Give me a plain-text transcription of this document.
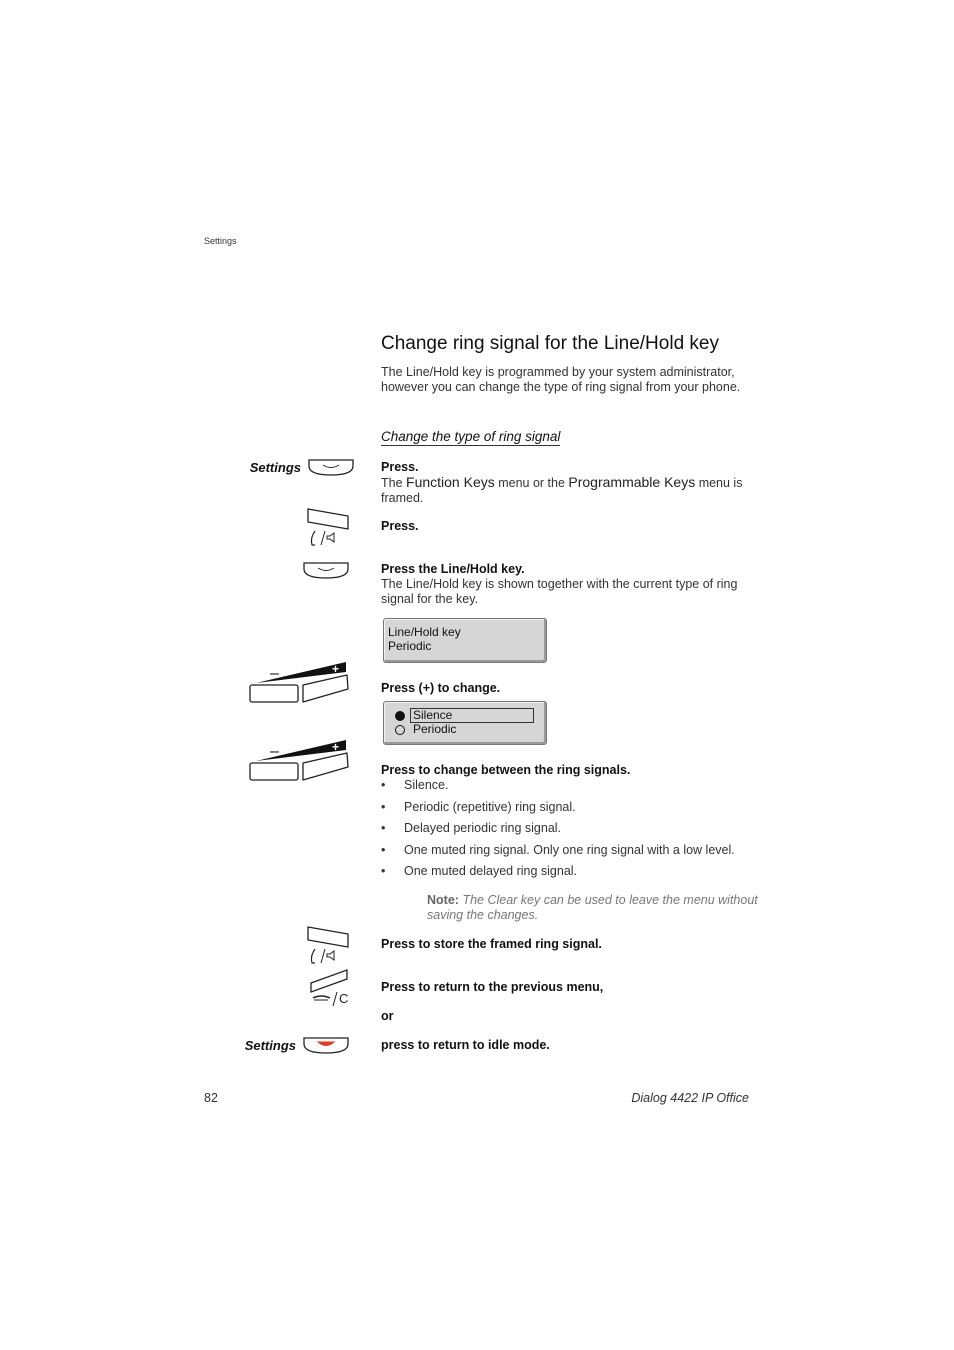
Settings
Change ring signal for the Line/Hold key
The Line/Hold key is programmed by your system administrator, however you can change the type of ring signal from your phone.
Change the type of ring signal
Settings	Press.
The Function Keys menu or the Programmable Keys menu is framed.
Press.
Press the Line/Hold key.
The Line/Hold key is shown together with the current type of ring signal for the key.
Line/Hold key
Periodic
–	+
Press (+) to change.
Silence
Periodic
–	+
Press to change between the ring signals.
• Silence.
• Periodic (repetitive) ring signal.
• Delayed periodic ring signal.
• One muted ring signal. Only one ring signal with a low level.
• One muted delayed ring signal.
Note: The Clear key can be used to leave the menu without saving the changes.
Press to store the framed ring signal.
C
Press to return to the previous menu,
or
Settings	press to return to idle mode.
82	Dialog 4422 IP Office
